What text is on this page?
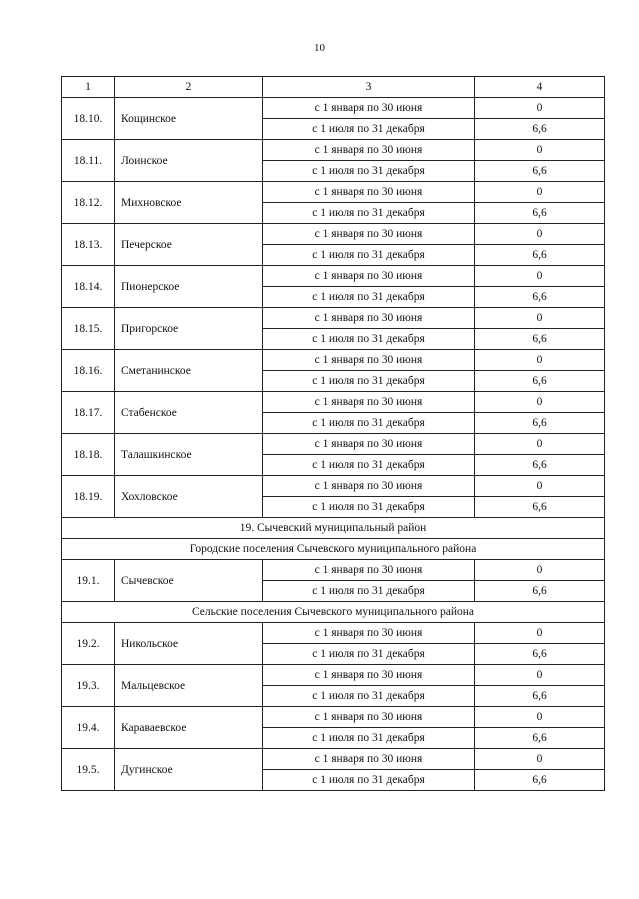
10
1	2	3	4
18.10.	Кощинское	с 1 января по 30 июня	0
		с 1 июля по 31 декабря	6,6
18.11.	Лоинское	с 1 января по 30 июня	0
		с 1 июля по 31 декабря	6,6
18.12.	Михновское	с 1 января по 30 июня	0
		с 1 июля по 31 декабря	6,6
18.13.	Печерское	с 1 января по 30 июня	0
		с 1 июля по 31 декабря	6,6
18.14.	Пионерское	с 1 января по 30 июня	0
		с 1 июля по 31 декабря	6,6
18.15.	Пригорское	с 1 января по 30 июня	0
		с 1 июля по 31 декабря	6,6
18.16.	Сметанинское	с 1 января по 30 июня	0
		с 1 июля по 31 декабря	6,6
18.17.	Стабенское	с 1 января по 30 июня	0
		с 1 июля по 31 декабря	6,6
18.18.	Талашкинское	с 1 января по 30 июня	0
		с 1 июля по 31 декабря	6,6
18.19.	Хохловское	с 1 января по 30 июня	0
		с 1 июля по 31 декабря	6,6
19. Сычевский муниципальный район			
Городские поселения Сычевского муниципального района			
19.1.	Сычевское	с 1 января по 30 июня	0
		с 1 июля по 31 декабря	6,6
Сельские поселения Сычевского муниципального района			
19.2.	Никольское	с 1 января по 30 июня	0
		с 1 июля по 31 декабря	6,6
19.3.	Мальцевское	с 1 января по 30 июня	0
		с 1 июля по 31 декабря	6,6
19.4.	Караваевское	с 1 января по 30 июня	0
		с 1 июля по 31 декабря	6,6
19.5.	Дугинское	с 1 января по 30 июня	0
		с 1 июля по 31 декабря	6,6
